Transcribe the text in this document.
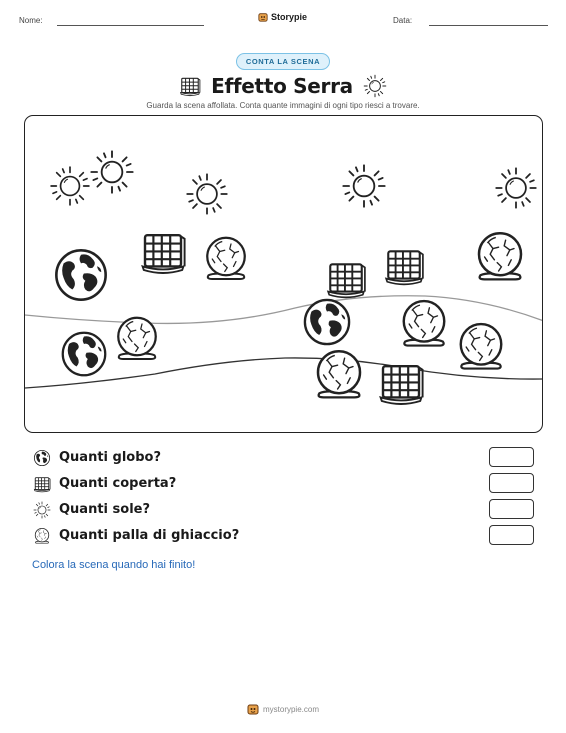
Nome:	Storypie	Data:
CONTA LA SCENA
Effetto Serra
Guarda la scena affollata. Conta quante immagini di ogni tipo riesci a trovare.
Quanti globo?
Quanti coperta?
Quanti sole?
Quanti palla di ghiaccio?
Colora la scena quando hai finito!
mystorypie.com
